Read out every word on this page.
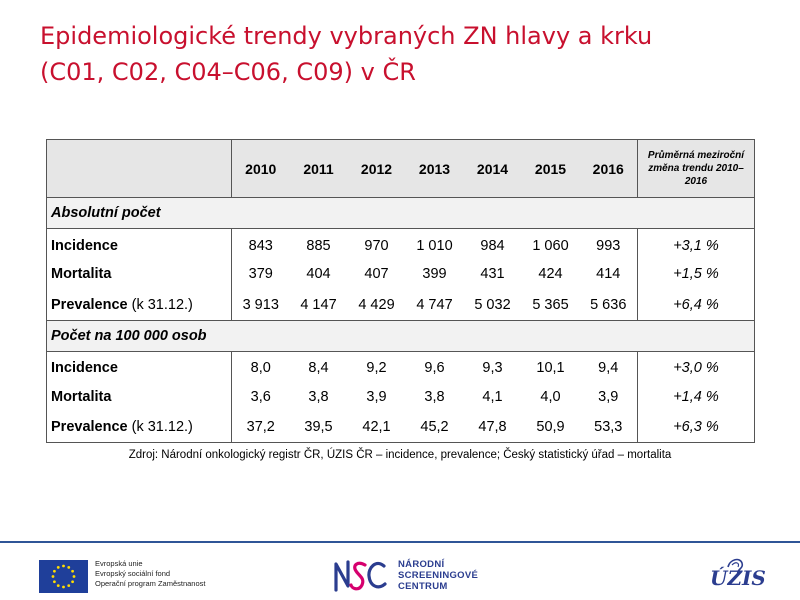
Epidemiologické trendy vybraných ZN hlavy a krku
(C01, C02, C04–C06, C09) v ČR
	2010	2011	2012	2013	2014	2015	2016	Průměrná meziroční změna trendu 2010–2016
Absolutní počet								
Incidence	843	885	970	1 010	984	1 060	993	+3,1 %
Mortalita	379	404	407	399	431	424	414	+1,5 %
Prevalence (k 31.12.)	3 913	4 147	4 429	4 747	5 032	5 365	5 636	+6,4 %
Počet na 100 000 osob								
Incidence	8,0	8,4	9,2	9,6	9,3	10,1	9,4	+3,0 %
Mortalita	3,6	3,8	3,9	3,8	4,1	4,0	3,9	+1,4 %
Prevalence (k 31.12.)	37,2	39,5	42,1	45,2	47,8	50,9	53,3	+6,3 %
Zdroj: Národní onkologický registr ČR, ÚZIS ČR – incidence, prevalence; Český statistický úřad – mortalita
Evropská unie
Evropský sociální fond
Operační program Zaměstnanost
NÁRODNÍ
SCREENINGOVÉ
CENTRUM	ÚZIS
